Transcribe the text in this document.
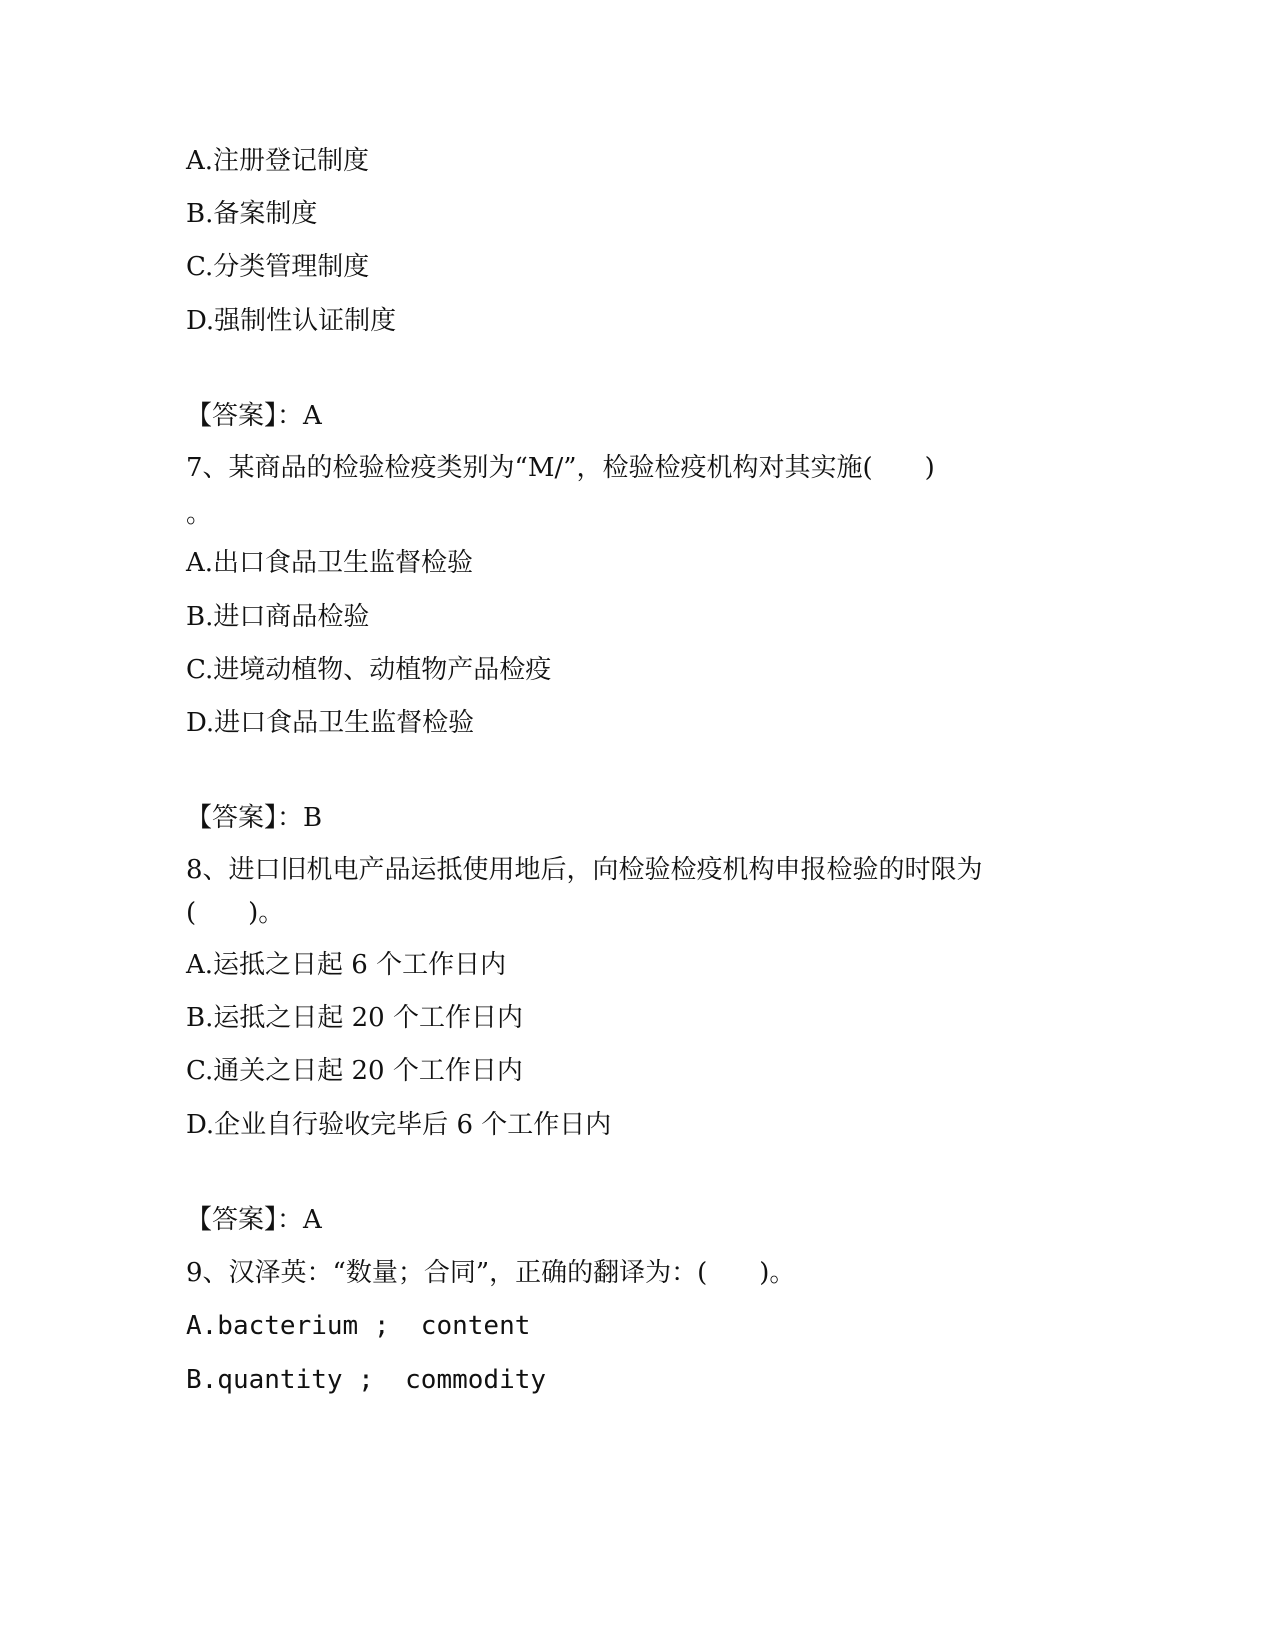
A.注册登记制度
B.备案制度
C.分类管理制度
D.强制性认证制度
【答案】：A
7、某商品的检验检疫类别为“M/”，检验检疫机构对其实施(　　)
。
A.出口食品卫生监督检验
B.进口商品检验
C.进境动植物、动植物产品检疫
D.进口食品卫生监督检验
【答案】：B
8、进口旧机电产品运抵使用地后，向检验检疫机构申报检验的时限为
(　　)。
A.运抵之日起 6 个工作日内
B.运抵之日起 20 个工作日内
C.通关之日起 20 个工作日内
D.企业自行验收完毕后 6 个工作日内
【答案】：A
9、汉泽英：“数量；合同”，正确的翻译为：(　　)。
A.bacterium ;  content
B.quantity ;  commodity
